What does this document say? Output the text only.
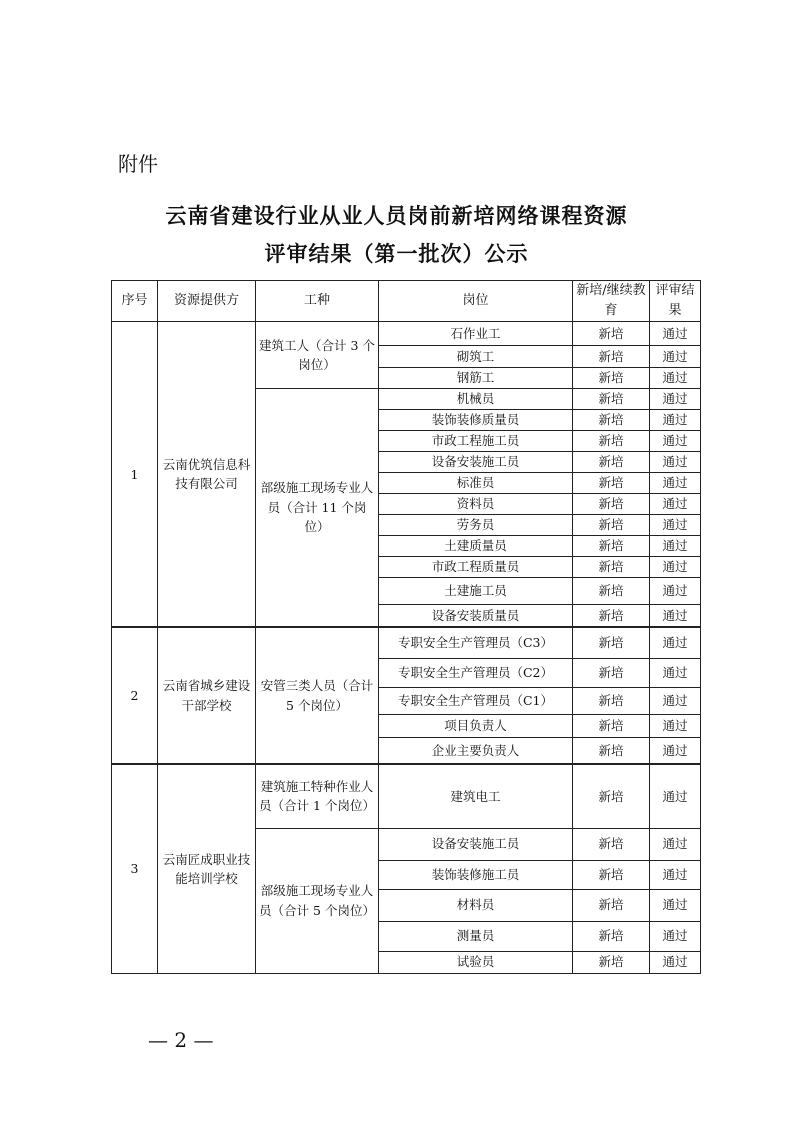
附件
云南省建设行业从业人员岗前新培网络课程资源
评审结果（第一批次）公示
序号	资源提供方	工种	岗位	新培/继续教育	评审结果
1	云南优筑信息科技有限公司	建筑工人（合计 3 个岗位）	石作业工	新培	通过
			砌筑工	新培	通过
			钢筋工	新培	通过
		部级施工现场专业人员（合计 11 个岗位）	机械员	新培	通过
			装饰装修质量员	新培	通过
			市政工程施工员	新培	通过
			设备安装施工员	新培	通过
			标准员	新培	通过
			资料员	新培	通过
			劳务员	新培	通过
			土建质量员	新培	通过
			市政工程质量员	新培	通过
			土建施工员	新培	通过
			设备安装质量员	新培	通过
2	云南省城乡建设干部学校	安管三类人员（合计 5 个岗位）	专职安全生产管理员（C3）	新培	通过
			专职安全生产管理员（C2）	新培	通过
			专职安全生产管理员（C1）	新培	通过
			项目负责人	新培	通过
			企业主要负责人	新培	通过
3	云南匠成职业技能培训学校	建筑施工特种作业人员（合计 1 个岗位）	建筑电工	新培	通过
		部级施工现场专业人员（合计 5 个岗位）	设备安装施工员	新培	通过
			装饰装修施工员	新培	通过
			材料员	新培	通过
			测量员	新培	通过
			试验员	新培	通过
— 2 —
